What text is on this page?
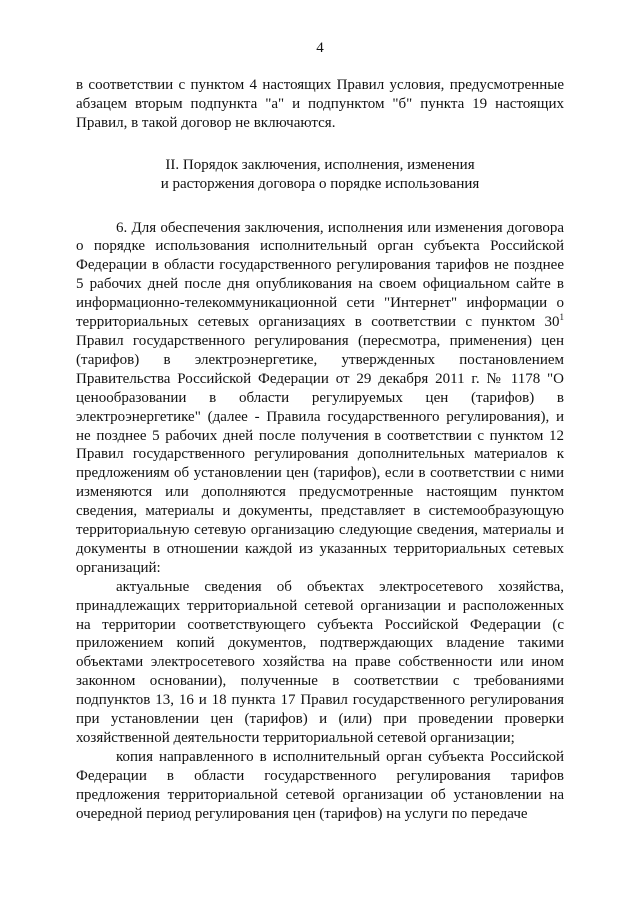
4

в соответствии с пунктом 4 настоящих Правил условия, предусмотренные абзацем вторым подпункта "а" и подпунктом "б" пункта 19 настоящих Правил, в такой договор не включаются.

II. Порядок заключения, исполнения, изменения
и расторжения договора о порядке использования

6. Для обеспечения заключения, исполнения или изменения договора о порядке использования исполнительный орган субъекта Российской Федерации в области государственного регулирования тарифов не позднее 5 рабочих дней после дня опубликования на своем официальном сайте в информационно-телекоммуникационной сети "Интернет" информации о территориальных сетевых организациях в соответствии с пунктом $30^1$ Правил государственного регулирования (пересмотра, применения) цен (тарифов) в электроэнергетике, утвержденных постановлением Правительства Российской Федерации от 29 декабря 2011 г. № 1178 "О ценообразовании в области регулируемых цен (тарифов) в электроэнергетике" (далее - Правила государственного регулирования), и не позднее 5 рабочих дней после получения в соответствии с пунктом 12 Правил государственного регулирования дополнительных материалов к предложениям об установлении цен (тарифов), если в соответствии с ними изменяются или дополняются предусмотренные настоящим пунктом сведения, материалы и документы, представляет в системообразующую территориальную сетевую организацию следующие сведения, материалы и документы в отношении каждой из указанных территориальных сетевых организаций:

актуальные сведения об объектах электросетевого хозяйства, принадлежащих территориальной сетевой организации и расположенных на территории соответствующего субъекта Российской Федерации (с приложением копий документов, подтверждающих владение такими объектами электросетевого хозяйства на праве собственности или ином законном основании), полученные в соответствии с требованиями подпунктов 13, 16 и 18 пункта 17 Правил государственного регулирования при установлении цен (тарифов) и (или) при проведении проверки хозяйственной деятельности территориальной сетевой организации;

копия направленного в исполнительный орган субъекта Российской Федерации в области государственного регулирования тарифов предложения территориальной сетевой организации об установлении на очередной период регулирования цен (тарифов) на услуги по передаче
